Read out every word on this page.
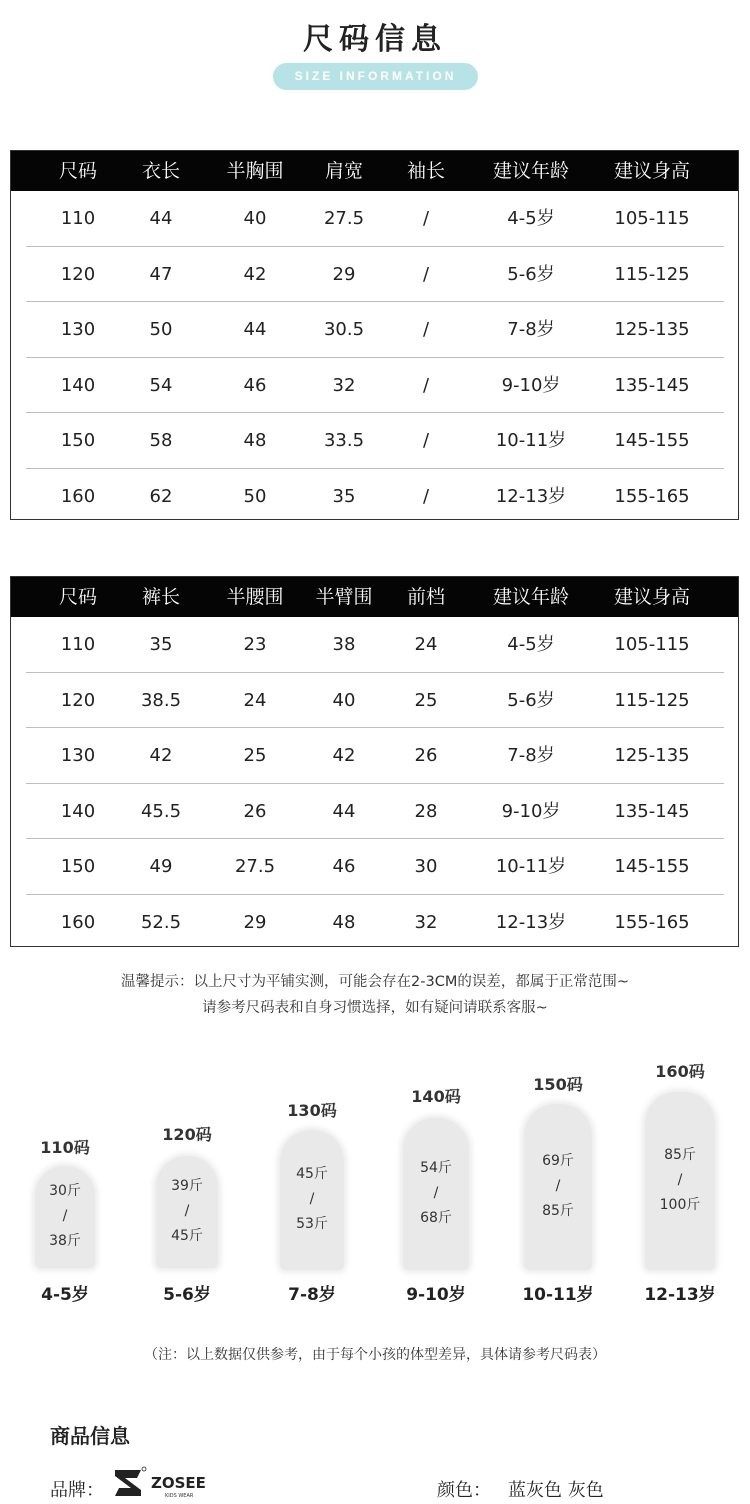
尺码信息
SIZE INFORMATION
尺码	衣长	半胸围	肩宽	袖长	建议年龄	建议身高
110	44	40	27.5	/	4-5岁	105-115
120	47	42	29	/	5-6岁	115-125
130	50	44	30.5	/	7-8岁	125-135
140	54	46	32	/	9-10岁	135-145
150	58	48	33.5	/	10-11岁	145-155
160	62	50	35	/	12-13岁	155-165
尺码	裤长	半腰围	半臂围	前档	建议年龄	建议身高
110	35	23	38	24	4-5岁	105-115
120	38.5	24	40	25	5-6岁	115-125
130	42	25	42	26	7-8岁	125-135
140	45.5	26	44	28	9-10岁	135-145
150	49	27.5	46	30	10-11岁	145-155
160	52.5	29	48	32	12-13岁	155-165
温馨提示：以上尺寸为平铺实测，可能会存在2-3CM的误差，都属于正常范围~
请参考尺码表和自身习惯选择，如有疑问请联系客服~
110码
30斤
/
38斤
4-5岁
120码
39斤
/
45斤
5-6岁
130码
45斤
/
53斤
7-8岁
140码
54斤
/
68斤
9-10岁
150码
69斤
/
85斤
10-11岁
160码
85斤
/
100斤
12-13岁
（注：以上数据仅供参考，由于每个小孩的体型差异，具体请参考尺码表）
商品信息
品牌：	ZOSEE
KIDS WEAR	颜色： 蓝灰色 灰色
